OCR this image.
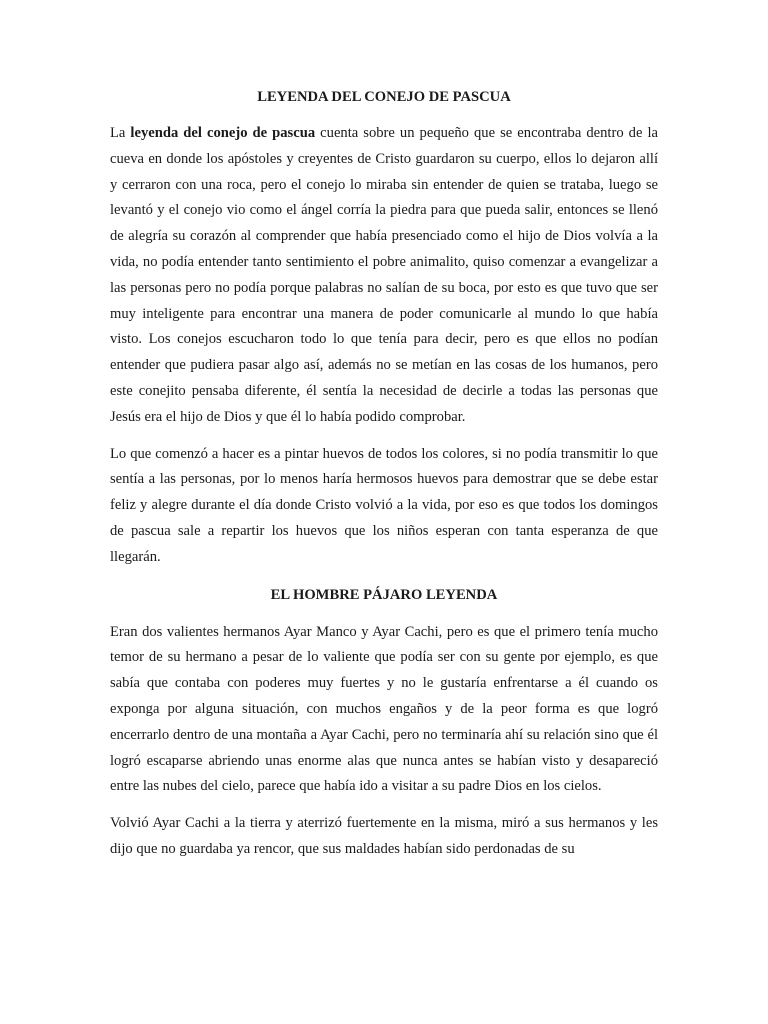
LEYENDA DEL CONEJO DE PASCUA

La leyenda del conejo de pascua cuenta sobre un pequeño que se encontraba dentro de la cueva en donde los apóstoles y creyentes de Cristo guardaron su cuerpo, ellos lo dejaron allí y cerraron con una roca, pero el conejo lo miraba sin entender de quien se trataba, luego se levantó y el conejo vio como el ángel corría la piedra para que pueda salir, entonces se llenó de alegría su corazón al comprender que había presenciado como el hijo de Dios volvía a la vida, no podía entender tanto sentimiento el pobre animalito, quiso comenzar a evangelizar a las personas pero no podía porque palabras no salían de su boca, por esto es que tuvo que ser muy inteligente para encontrar una manera de poder comunicarle al mundo lo que había visto. Los conejos escucharon todo lo que tenía para decir, pero es que ellos no podían entender que pudiera pasar algo así, además no se metían en las cosas de los humanos, pero este conejito pensaba diferente, él sentía la necesidad de decirle a todas las personas que Jesús era el hijo de Dios y que él lo había podido comprobar.

Lo que comenzó a hacer es a pintar huevos de todos los colores, si no podía transmitir lo que sentía a las personas, por lo menos haría hermosos huevos para demostrar que se debe estar feliz y alegre durante el día donde Cristo volvió a la vida, por eso es que todos los domingos de pascua sale a repartir los huevos que los niños esperan con tanta esperanza de que llegarán.

EL HOMBRE PÁJARO LEYENDA

Eran dos valientes hermanos Ayar Manco y Ayar Cachi, pero es que el primero tenía mucho temor de su hermano a pesar de lo valiente que podía ser con su gente por ejemplo, es que sabía que contaba con poderes muy fuertes y no le gustaría enfrentarse a él cuando os exponga por alguna situación, con muchos engaños y de la peor forma es que logró encerrarlo dentro de una montaña a Ayar Cachi, pero no terminaría ahí su relación sino que él logró escaparse abriendo unas enorme alas que nunca antes se habían visto y desapareció entre las nubes del cielo, parece que había ido a visitar a su padre Dios en los cielos.

Volvió Ayar Cachi a la tierra y aterrizó fuertemente en la misma, miró a sus hermanos y les dijo que no guardaba ya rencor, que sus maldades habían sido perdonadas de su
